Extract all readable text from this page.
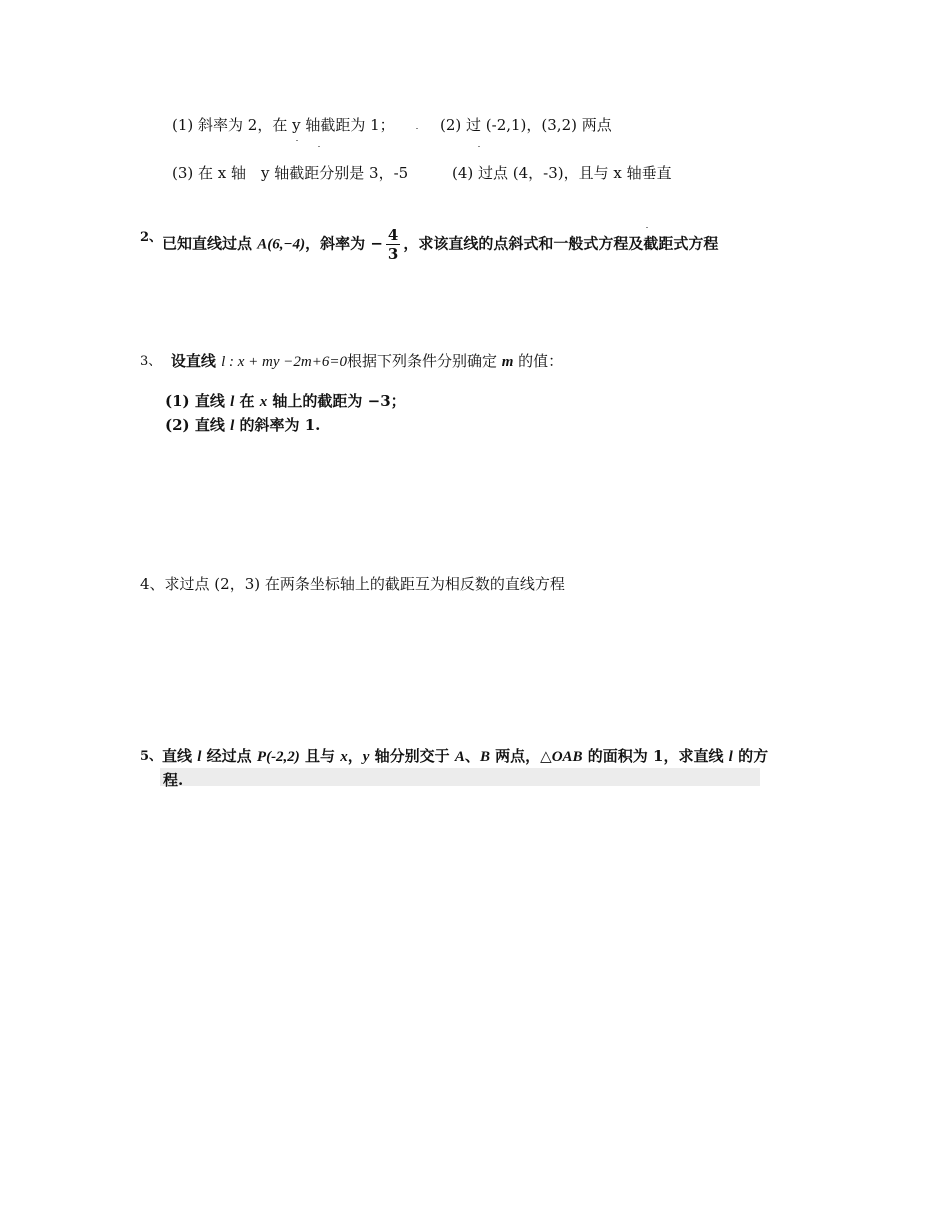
(1) 斜率为 2，在 y 轴截距为 1；	(2) 过 (-2,1)，(3,2) 两点
(3) 在 x 轴　y 轴截距分别是 3，-5	(4) 过点 (4，-3)，且与 x 轴垂直
2、已知直线过点 A(6,−4)，斜率为 − $\frac{4}{3}$ ，求该直线的点斜式和一般式方程及截距式方程
3、 设直线 l : x + my −2m+6=0根据下列条件分别确定 m 的值：
(1) 直线 l 在 x 轴上的截距为 −3；
(2) 直线 l 的斜率为 1.
4、求过点 (2，3) 在两条坐标轴上的截距互为相反数的直线方程
5、直线 l 经过点 P(-2,2) 且与 x，y 轴分别交于 A、B 两点，△OAB 的面积为 1，求直线 l 的方
程.
